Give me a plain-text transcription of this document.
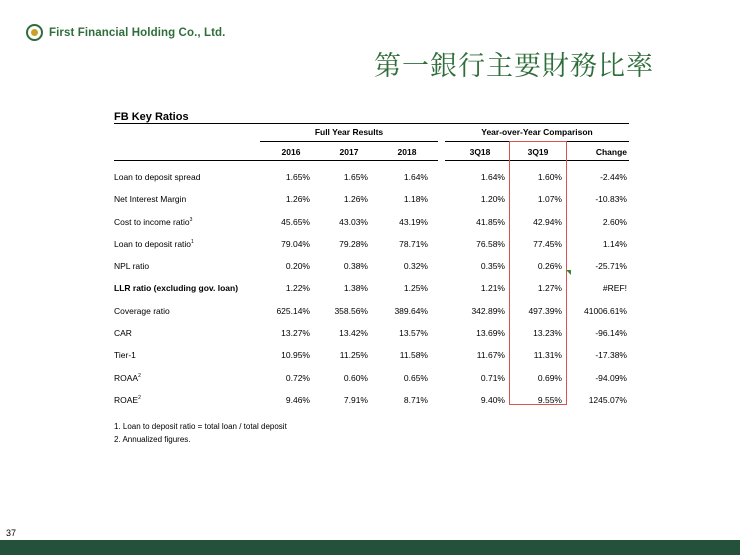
First Financial Holding Co., Ltd.
第一銀行主要財務比率
FB Key Ratios
Full Year Results	Year-over-Year Comparison
2016	2017	2018	3Q18	3Q19	Change
Loan to deposit spread	1.65%	1.65%	1.64%	1.64%	1.60%	-2.44%
Net Interest Margin	1.26%	1.26%	1.18%	1.20%	1.07%	-10.83%
Cost to income ratio$^3$	45.65%	43.03%	43.19%	41.85%	42.94%	2.60%
Loan to deposit ratio$^1$	79.04%	79.28%	78.71%	76.58%	77.45%	1.14%
NPL ratio	0.20%	0.38%	0.32%	0.35%	0.26%	-25.71%
LLR ratio (excluding gov. loan)	1.22%	1.38%	1.25%	1.21%	1.27%	#REF!
Coverage ratio	625.14%	358.56%	389.64%	342.89%	497.39%	41006.61%
CAR	13.27%	13.42%	13.57%	13.69%	13.23%	-96.14%
Tier-1	10.95%	11.25%	11.58%	11.67%	11.31%	-17.38%
ROAA$^2$	0.72%	0.60%	0.65%	0.71%	0.69%	-94.09%
ROAE$^2$	9.46%	7.91%	8.71%	9.40%	9.55%	1245.07%
1. Loan to deposit ratio = total loan / total deposit
2. Annualized figures.
37
